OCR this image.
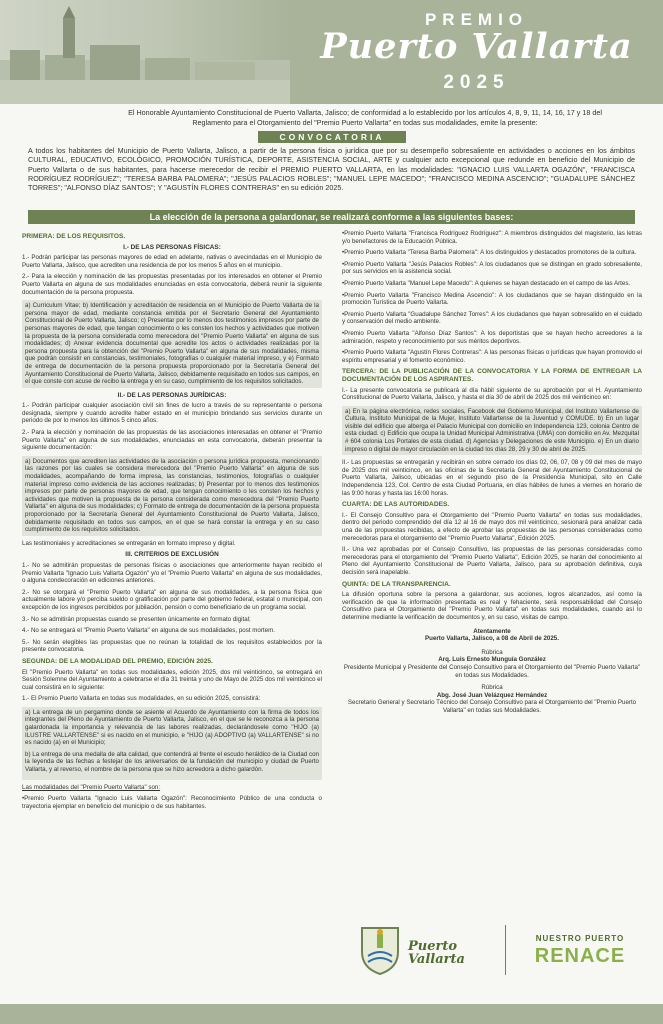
PREMIO
Puerto Vallarta
2025
El Honorable Ayuntamiento Constitucional de Puerto Vallarta, Jalisco; de conformidad a lo establecido por los artículos 4, 8, 9, 11, 14, 16, 17 y 18 del Reglamento para el Otorgamiento del "Premio Puerto Vallarta" en todas sus modalidades, emite la presente:
CONVOCATORIA
A todos los habitantes del Municipio de Puerto Vallarta, Jalisco, a partir de la persona física o jurídica que por su desempeño sobresaliente en actividades o acciones en los ámbitos CULTURAL, EDUCATIVO, ECOLÓGICO, PROMOCIÓN TURÍSTICA, DEPORTE, ASISTENCIA SOCIAL, ARTE y cualquier acto excepcional que redunde en beneficio del Municipio de Puerto Vallarta o de sus habitantes, para hacerse merecedor de recibir el PREMIO PUERTO VALLARTA, en las modalidades: "IGNACIO LUIS VALLARTA OGAZÓN", "FRANCISCA RODRÍGUEZ RODRÍGUEZ"; "TERESA BARBA PALOMERA"; "JESÚS PALACIOS ROBLES"; "MANUEL LEPE MACEDO"; "FRANCISCO MEDINA ASCENCIO"; "GUADALUPE SÁNCHEZ TORRES"; "ALFONSO DÍAZ SANTOS"; Y "AGUSTÍN FLORES CONTRERAS" en su edición 2025.
La elección de la persona a galardonar, se realizará conforme a las siguientes bases:
PRIMERA: DE LOS REQUISITOS.
I.- DE LAS PERSONAS FÍSICAS:

1.- Podrán participar las personas mayores de edad en adelante, nativas o avecindadas en el Municipio de Puerto Vallarta, Jalisco, que acrediten una residencia de por los menos 5 años en el municipio.

2.- Para la elección y nominación de las propuestas presentadas por los interesados en obtener el Premio Puerto Vallarta en alguna de sus modalidades enunciadas en esta convocatoria, deberá reunir la siguiente documentación de la persona propuesta.

a) Curriculum Vitae; b) Identificación y acreditación de residencia en el Municipio de Puerto Vallarta de la persona mayor de edad, mediante constancia emitida por el Secretario General del Ayuntamiento Constitucional de Puerto Vallarta, Jalisco; c) Presentar por lo menos dos testimonios impresos por parte de personas mayores de edad, que tengan conocimiento o les consten los hechos y actividades que motiven la propuesta de la persona considerada como merecedora del "Premio Puerto Vallarta" en alguna de sus modalidades; d) Anexar evidencia documental que acredite los actos o actividades realizadas por la persona propuesta para la obtención del "Premio Puerto Vallarta" en alguna de sus modalidades, misma que podrán consistir en constancias, testimoniales, fotografías o cualquier material impreso, y e) Formato de entrega de documentación de la persona propuesta proporcionado por la Secretaría General del Ayuntamiento Constitucional de Puerto Vallarta, Jalisco, debidamente requisitado en todos sus campos, en el que conste con acuse de recibo la entrega y en su caso, cumplimiento de los requisitos solicitados.

II.- DE LAS PERSONAS JURÍDICAS:

1.- Podrán participar cualquier asociación civil sin fines de lucro a través de su representante o persona designada, siempre y cuando acredite haber estado en el municipio brindando sus servicios durante un periodo de por lo menos los últimos 5 cinco años.

2.- Para la elección y nominación de las propuestas de las asociaciones interesadas en obtener el "Premio Puerto Vallarta" en alguna de sus modalidades, enunciadas en esta convocatoria, deberán presentar la siguiente documentación:

a) Documentos que acrediten las actividades de la asociación o persona jurídica propuesta, mencionando las razones por las cuales se considera merecedora del "Premio Puerto Vallarta" en alguna de sus modalidades, acompañando de forma impresa, las constancias, testimonios, fotografías o cualquier material impreso como evidencia de las acciones realizadas; b) Presentar por lo menos dos testimonios impresos por parte de personas mayores de edad, que tengan conocimiento o les consten los hechos y actividades que motiven la propuesta de la persona considerada como merecedora del "Premio Puerto Vallarta" en alguna de sus modalidades; c) Formato de entrega de documentación de la persona propuesta proporcionado por la Secretaría General del Ayuntamiento Constitucional de Puerto Vallarta, Jalisco, debidamente requisitado en todos sus campos, en el que se hará constar la entrega y en su caso cumplimiento de los requisitos solicitados.

Las testimoniales y acreditaciones se entregarán en formato impreso y digital.

III. CRITERIOS DE EXCLUSIÓN

1.- No se admitirán propuestas de personas físicas o asociaciones que anteriormente hayan recibido el Premio Vallarta "Ignacio Luis Vallarta Ogazón" y/o el "Premio Puerto Vallarta" en alguna de sus modalidades, o alguna condecoración en ediciones anteriores.

2.- No se otorgará el "Premio Puerto Vallarta" en alguna de sus modalidades, a la persona física que actualmente labore y/o perciba sueldo o gratificación por parte del gobierno federal, estatal o municipal, con excepción de los ingresos percibidos por jubilación, pensión o como beneficiario de un programa social.

3.- No se admitirán propuestas cuando se presenten únicamente en formato digital;

4.- No se entregará el "Premio Puerto Vallarta" en alguna de sus modalidades, post mortem.

5.- No serán elegibles las propuestas que no reúnan la totalidad de los requisitos establecidos por la presente convocatoria.

SEGUNDA: DE LA MODALIDAD DEL PREMIO, EDICIÓN 2025.

El "Premio Puerto Vallarta" en todas sus modalidades, edición 2025, dos mil veinticinco, se entregará en Sesión Solemne del Ayuntamiento a celebrarse el día 31 treinta y uno de Mayo de 2025 dos mil veinticinco el cual consistirá en lo siguiente:

1.- El Premio Puerto Vallarta en todas sus modalidades, en su edición 2025, consistirá:

a) La entrega de un pergamino donde se asiente el Acuerdo de Ayuntamiento con la firma de todos los integrantes del Pleno de Ayuntamiento de Puerto Vallarta, Jalisco, en el que se le reconozca a la persona galardonada la importancia y relevancia de las labores realizadas, declarándosele como "HIJO (a) ILUSTRE VALLARTENSE" si es nacido en el municipio, e "HIJO (a) ADOPTIVO (a) VALLARTENSE" si no es nacido (a) en el Municipio;

b) La entrega de una medalla de alta calidad, que contendrá al frente el escudo heráldico de la Ciudad con la leyenda de las fechas a festejar de los aniversarios de la fundación del municipio y ciudad de Puerto Vallarta, y al reverso, el nombre de la persona que se hizo acreedora a dicho galardón.

Las modalidades del "Premio Puerto Vallarta" son:

•Premio Puerto Vallarta "Ignacio Luis Vallarta Ogazón": Reconocimiento Público de una conducta o trayectoria ejemplar en beneficio del municipio o de sus habitantes.

•Premio Puerto Vallarta "Francisca Rodríguez Rodríguez": A miembros distinguidos del magisterio, las letras y/o benefactores de la Educación Pública.

•Premio Puerto Vallarta "Teresa Barba Palomera": A los distinguidos y destacados promotores de la cultura.

•Premio Puerto Vallarta "Jesús Palacios Robles": A los ciudadanos que se distingan en grado sobresaliente, por sus servicios en la asistencia social.

•Premio Puerto Vallarta "Manuel Lepe Macedo": A quienes se hayan destacado en el campo de las Artes.

•Premio Puerto Vallarta "Francisco Medina Ascencio": A los ciudadanos que se hayan distinguido en la promoción Turística de Puerto Vallarta.

•Premio Puerto Vallarta "Guadalupe Sánchez Torres": A los ciudadanos que hayan sobresalido en el cuidado y conservación del medio ambiente.

•Premio Puerto Vallarta "Alfonso Díaz Santos": A los deportistas que se hayan hecho acreedores a la admiración, respeto y reconocimiento por sus méritos deportivos.

•Premio Puerto Vallarta "Agustín Flores Contreras": A las personas físicas o jurídicas que hayan promovido el espíritu empresarial y el fomento económico.

TERCERA: DE LA PUBLICACIÓN DE LA CONVOCATORIA Y LA FORMA DE ENTREGAR LA DOCUMENTACIÓN DE LOS ASPIRANTES.

I.- La presente convocatoria se publicará al día hábil siguiente de su aprobación por el H. Ayuntamiento Constitucional de Puerto Vallarta, Jalisco, y hasta el día 30 de abril de 2025 dos mil veinticinco en:

a) En la página electrónica, redes sociales, Facebook del Gobierno Municipal, del Instituto Vallartense de Cultura, Instituto Municipal de la Mujer, Instituto Vallartense de la Juventud y COMUDE. b) En un lugar visible del edificio que alberga el Palacio Municipal con domicilio en Independencia 123, colonia Centro de esta ciudad. c) Edificio que ocupa la Unidad Municipal Administrativa (UMA) con domicilio en Av. Mezquital # 604 colonia Los Portales de esta ciudad. d) Agencias y Delegaciones de este Municipio. e) En un diario impreso o digital de mayor circulación en la ciudad los días 28, 29 y 30 de abril de 2025.

II.- Las propuestas se entregarán y recibirán en sobre cerrado los días 02, 06, 07, 08 y 09 del mes de mayo de 2025 dos mil veinticinco, en las oficinas de la Secretaría General del Ayuntamiento Constitucional de Puerto Vallarta, Jalisco, ubicadas en el segundo piso de la Presidencia Municipal, sito en Calle Independencia 123, Col. Centro de esta Ciudad Portuaria, en días hábiles de lunes a viernes en horario de las 9:00 horas y hasta las 16:00 horas.

CUARTA: DE LAS AUTORIDADES.

I.- El Consejo Consultivo para el Otorgamiento del "Premio Puerto Vallarta" en todas sus modalidades, dentro del periodo comprendido del día 12 al 16 de mayo dos mil veinticinco, sesionará para analizar cada una de las propuestas recibidas, a efecto de aprobar las propuestas de las personas consideradas como merecedoras para el otorgamiento del "Premio Puerto Vallarta", Edición 2025.

II.- Una vez aprobadas por el Consejo Consultivo, las propuestas de las personas consideradas como merecedoras para el otorgamiento del "Premio Puerto Vallarta", Edición 2025, se harán del conocimiento al Pleno del Ayuntamiento Constitucional de Puerto Vallarta, Jalisco, para su aprobación definitiva, cuya decisión será inapelable.

QUINTA: DE LA TRANSPARENCIA.

La difusión oportuna sobre la persona a galardonar, sus acciones, logros alcanzados, así como la verificación de que la información presentada es real y fehaciente, será responsabilidad del Consejo Consultivo para el Otorgamiento del "Premio Puerto Vallarta" en todas sus modalidades, cuando así lo determine mediante la verificación de documentos y, en su caso, visitas de campo.

Atentamente
Puerto Vallarta, Jalisco, a 08 de Abril de 2025.
Rúbrica
Arq. Luis Ernesto Munguía González
Presidente Municipal y Presidente del Consejo Consultivo para el Otorgamiento del "Premio Puerto Vallarta" en todas sus Modalidades.
Rúbrica
Abg. José Juan Velázquez Hernández
Secretario General y Secretario Técnico del Consejo Consultivo para el Otorgamiento del "Premio Puerto Vallarta" en todas sus Modalidades.
Puerto Vallarta
NUESTRO PUERTO
RENACE
